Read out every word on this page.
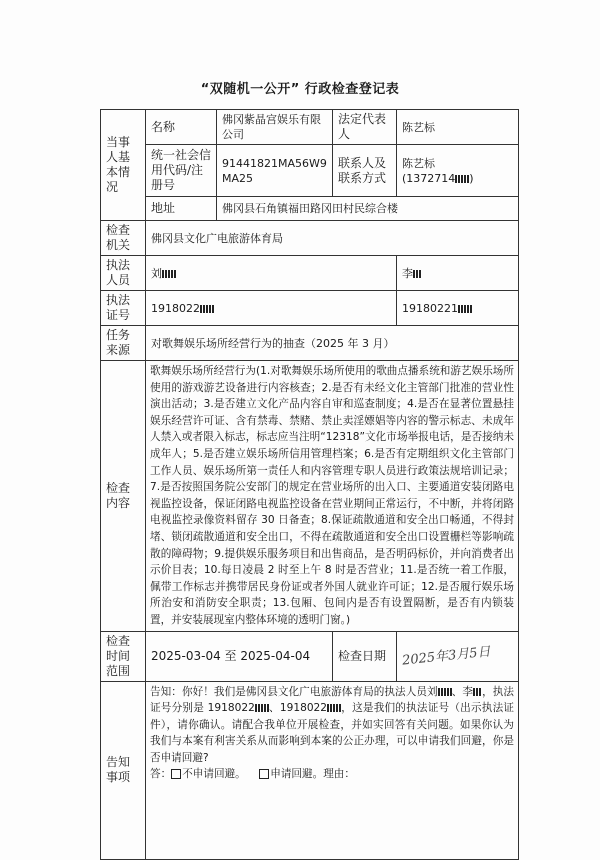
“双随机一公开” 行政检查登记表
当事人基本情况	名称	佛冈紫晶宫娱乐有限公司	法定代表人	陈艺标
	统一社会信用代码/注册号	91441821MA56W9MA25	联系人及联系方式	陈艺标
(1372714 )
	地址	佛冈县石角镇福田路冈田村民综合楼		
检查机关	佛冈县文化广电旅游体育局			
执法人员	刘			李
执法证号	1918022			19180221
任务来源	对歌舞娱乐场所经营行为的抽查（2025 年 3 月）			
检查内容	歌舞娱乐场所经营行为(1.对歌舞娱乐场所使用的歌曲点播系统和游艺娱乐场所使用的游戏游艺设备进行内容核查；2.是否有未经文化主管部门批准的营业性演出活动；3.是否建立文化产品内容自审和巡查制度；4.是否在显著位置悬挂娱乐经营许可证、含有禁毒、禁赌、禁止卖淫嫖娼等内容的警示标志、未成年人禁入或者限入标志，标志应当注明“12318”文化市场举报电话，是否接纳未成年人；5.是否建立娱乐场所信用管理档案；6.是否有定期组织文化主管部门工作人员、娱乐场所第一责任人和内容管理专职人员进行政策法规培训记录；7.是否按照国务院公安部门的规定在营业场所的出入口、主要通道安装闭路电视监控设备，保证闭路电视监控设备在营业期间正常运行，不中断，并将闭路电视监控录像资料留存 30 日备查；8.保证疏散通道和安全出口畅通，不得封堵、锁闭疏散通道和安全出口，不得在疏散通道和安全出口设置栅栏等影响疏散的障碍物；9.提供娱乐服务项目和出售商品，是否明码标价，并向消费者出示价目表；10.每日凌晨 2 时至上午 8 时是否营业；11.是否统一着工作服，佩带工作标志并携带居民身份证或者外国人就业许可证；12.是否履行娱乐场所治安和消防安全职责；13.包厢、包间内是否有设置隔断，是否有内锁装置，并安装展现室内整体环境的透明门窗。)			
检查时间范围	2025-03-04 至 2025-04-04		检查日期	2025年3月5日
告知事项	告知：你好！我们是佛冈县文化广电旅游体育局的执法人员刘 、李 ，执法证号分别是 1918022 、1918022 ，这是我们的执法证号（出示执法证件），请你确认。请配合我单位开展检查，并如实回答有关问题。如果你认为我们与本案有利害关系从而影响到本案的公正办理，可以申请我们回避，你是否申请回避?
答： 不申请回避。 申请回避。理由：			
